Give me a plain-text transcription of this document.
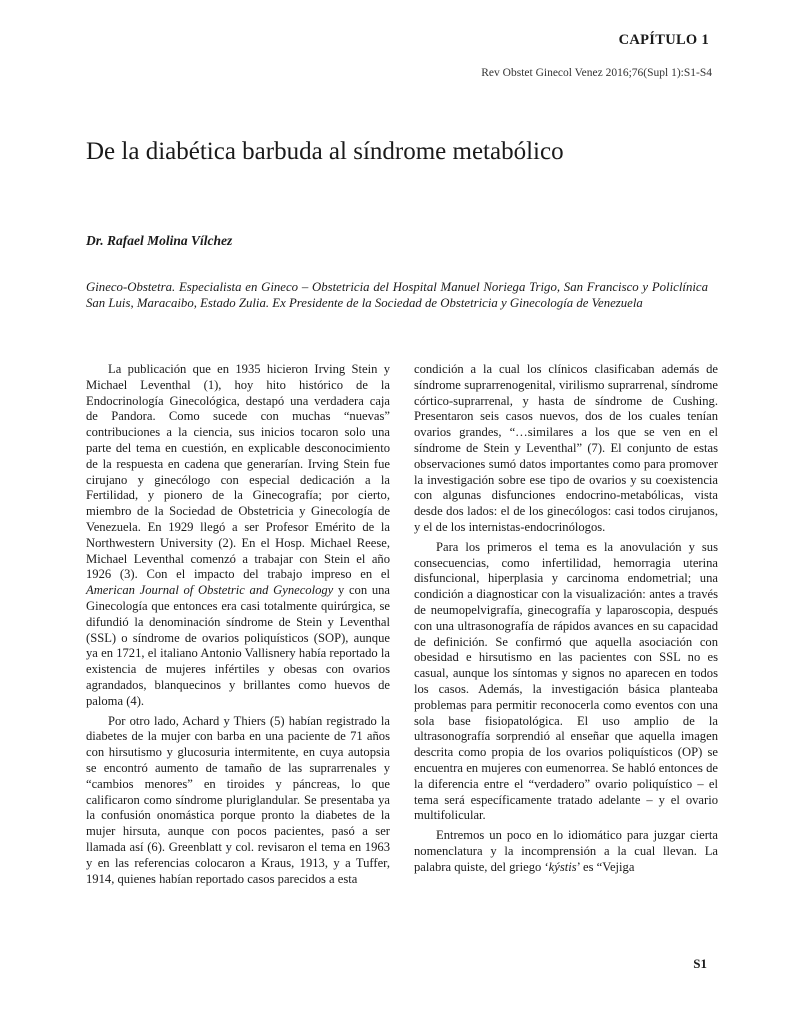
CAPÍTULO 1
Rev Obstet Ginecol Venez 2016;76(Supl 1):S1-S4
De la diabética barbuda al síndrome metabólico
Dr. Rafael Molina Vílchez
Gineco-Obstetra. Especialista en Gineco – Obstetricia del Hospital Manuel Noriega Trigo, San Francisco y Policlínica San Luis, Maracaibo, Estado Zulia. Ex Presidente de la Sociedad de Obstetricia y Ginecología de Venezuela

La publicación que en 1935 hicieron Irving Stein y Michael Leventhal (1), hoy hito histórico de la Endocrinología Ginecológica, destapó una verdadera caja de Pandora. Como sucede con muchas “nuevas” contribuciones a la ciencia, sus inicios tocaron solo una parte del tema en cuestión, en explicable desconocimiento de la respuesta en cadena que generarían. Irving Stein fue cirujano y ginecólogo con especial dedicación a la Fertilidad, y pionero de la Ginecografía; por cierto, miembro de la Sociedad de Obstetricia y Ginecología de Venezuela. En 1929 llegó a ser Profesor Emérito de la Northwestern University (2). En el Hosp. Michael Reese, Michael Leventhal comenzó a trabajar con Stein el año 1926 (3). Con el impacto del trabajo impreso en el American Journal of Obstetric and Gynecology y con una Ginecología que entonces era casi totalmente quirúrgica, se difundió la denominación síndrome de Stein y Leventhal (SSL) o síndrome de ovarios poliquísticos (SOP), aunque ya en 1721, el italiano Antonio Vallisnery había reportado la existencia de mujeres infértiles y obesas con ovarios agrandados, blanquecinos y brillantes como huevos de paloma (4).

Por otro lado, Achard y Thiers (5) habían registrado la diabetes de la mujer con barba en una paciente de 71 años con hirsutismo y glucosuria intermitente, en cuya autopsia se encontró aumento de tamaño de las suprarrenales y “cambios menores” en tiroides y páncreas, lo que calificaron como síndrome pluriglandular. Se presentaba ya la confusión onomástica porque pronto la diabetes de la mujer hirsuta, aunque con pocos pacientes, pasó a ser llamada así (6). Greenblatt y col. revisaron el tema en 1963 y en las referencias colocaron a Kraus, 1913, y a Tuffer, 1914, quienes habían reportado casos parecidos a esta

condición a la cual los clínicos clasificaban además de síndrome suprarrenogenital, virilismo suprarrenal, síndrome córtico-suprarrenal, y hasta de síndrome de Cushing. Presentaron seis casos nuevos, dos de los cuales tenían ovarios grandes, “…similares a los que se ven en el síndrome de Stein y Leventhal” (7). El conjunto de estas observaciones sumó datos importantes como para promover la investigación sobre ese tipo de ovarios y su coexistencia con algunas disfunciones endocrino-metabólicas, vista desde dos lados: el de los ginecólogos: casi todos cirujanos, y el de los internistas-endocrinólogos.

Para los primeros el tema es la anovulación y sus consecuencias, como infertilidad, hemorragia uterina disfuncional, hiperplasia y carcinoma endometrial; una condición a diagnosticar con la visualización: antes a través de neumopelvigrafía, ginecografía y laparoscopia, después con una ultrasonografía de rápidos avances en su capacidad de definición. Se confirmó que aquella asociación con obesidad e hirsutismo en las pacientes con SSL no es casual, aunque los síntomas y signos no aparecen en todos los casos. Además, la investigación básica planteaba problemas para permitir reconocerla como eventos con una sola base fisiopatológica. El uso amplio de la ultrasonografía sorprendió al enseñar que aquella imagen descrita como propia de los ovarios poliquísticos (OP) se encuentra en mujeres con eumenorrea. Se habló entonces de la diferencia entre el “verdadero” ovario poliquístico – el tema será específicamente tratado adelante – y el ovario multifolicular.

Entremos un poco en lo idiomático para juzgar cierta nomenclatura y la incomprensión a la cual llevan. La palabra quiste, del griego ‘kýstis’ es “Vejiga

S1
